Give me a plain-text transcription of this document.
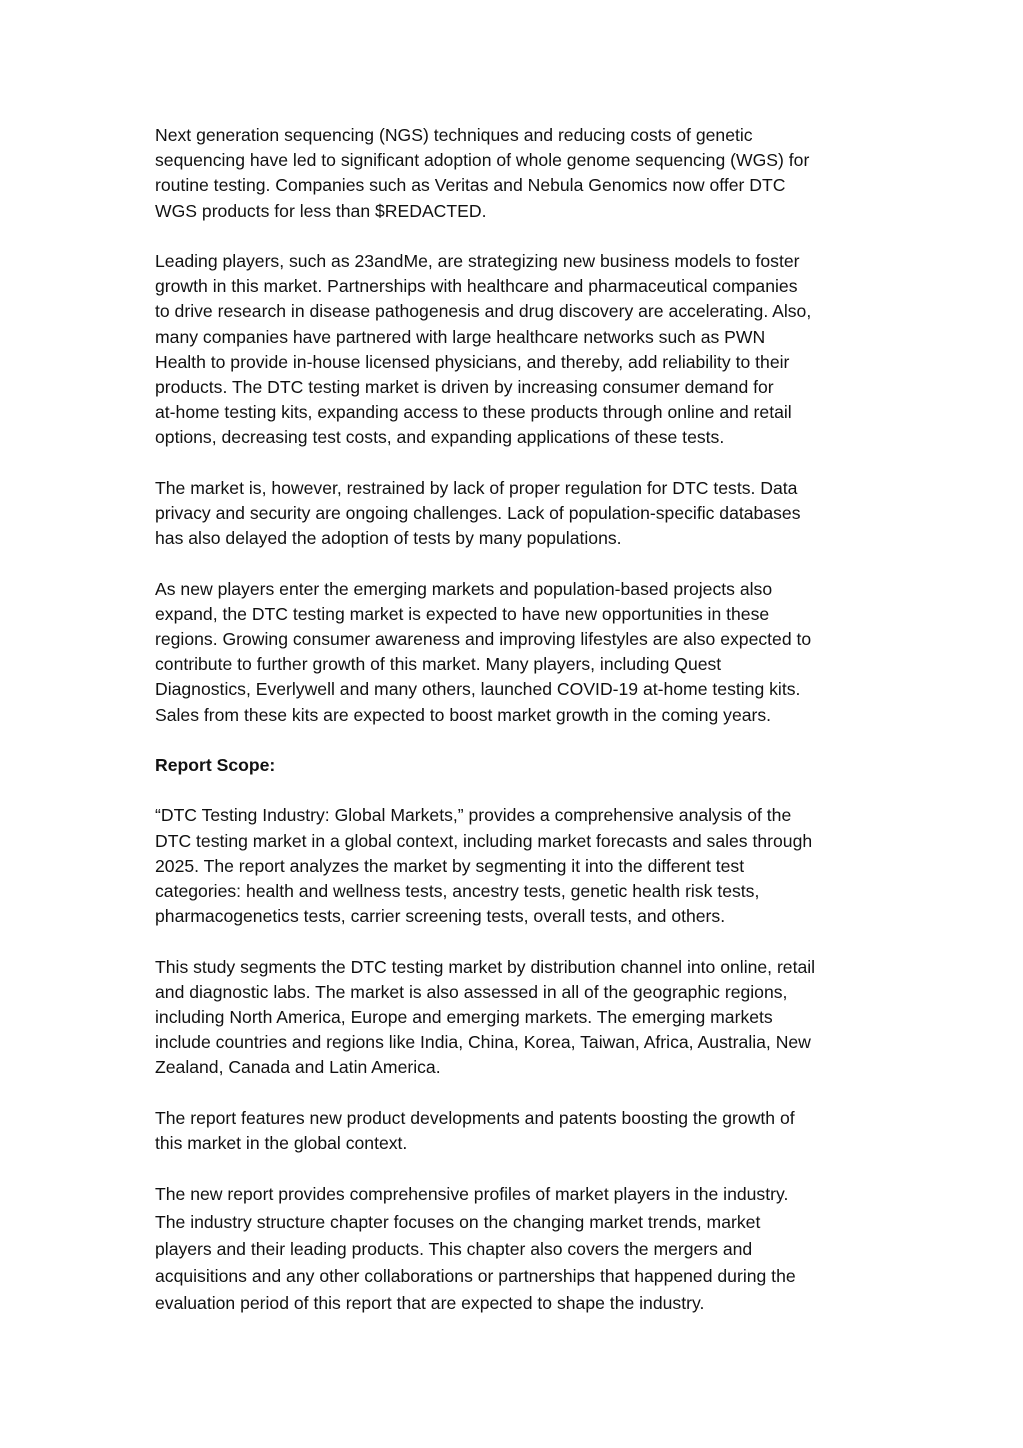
Next generation sequencing (NGS) techniques and reducing costs of genetic
sequencing have led to significant adoption of whole genome sequencing (WGS) for
routine testing. Companies such as Veritas and Nebula Genomics now offer DTC
WGS products for less than $REDACTED.

Leading players, such as 23andMe, are strategizing new business models to foster
growth in this market. Partnerships with healthcare and pharmaceutical companies
to drive research in disease pathogenesis and drug discovery are accelerating. Also,
many companies have partnered with large healthcare networks such as PWN
Health to provide in-house licensed physicians, and thereby, add reliability to their
products. The DTC testing market is driven by increasing consumer demand for
at-home testing kits, expanding access to these products through online and retail
options, decreasing test costs, and expanding applications of these tests.

The market is, however, restrained by lack of proper regulation for DTC tests. Data
privacy and security are ongoing challenges. Lack of population-specific databases
has also delayed the adoption of tests by many populations.

As new players enter the emerging markets and population-based projects also
expand, the DTC testing market is expected to have new opportunities in these
regions. Growing consumer awareness and improving lifestyles are also expected to
contribute to further growth of this market. Many players, including Quest
Diagnostics, Everlywell and many others, launched COVID-19 at-home testing kits.
Sales from these kits are expected to boost market growth in the coming years.

Report Scope:

“DTC Testing Industry: Global Markets,” provides a comprehensive analysis of the
DTC testing market in a global context, including market forecasts and sales through
2025. The report analyzes the market by segmenting it into the different test
categories: health and wellness tests, ancestry tests, genetic health risk tests,
pharmacogenetics tests, carrier screening tests, overall tests, and others.

This study segments the DTC testing market by distribution channel into online, retail
and diagnostic labs. The market is also assessed in all of the geographic regions,
including North America, Europe and emerging markets. The emerging markets
include countries and regions like India, China, Korea, Taiwan, Africa, Australia, New
Zealand, Canada and Latin America.

The report features new product developments and patents boosting the growth of
this market in the global context.

The new report provides comprehensive profiles of market players in the industry.
The industry structure chapter focuses on the changing market trends, market
players and their leading products. This chapter also covers the mergers and
acquisitions and any other collaborations or partnerships that happened during the
evaluation period of this report that are expected to shape the industry.
